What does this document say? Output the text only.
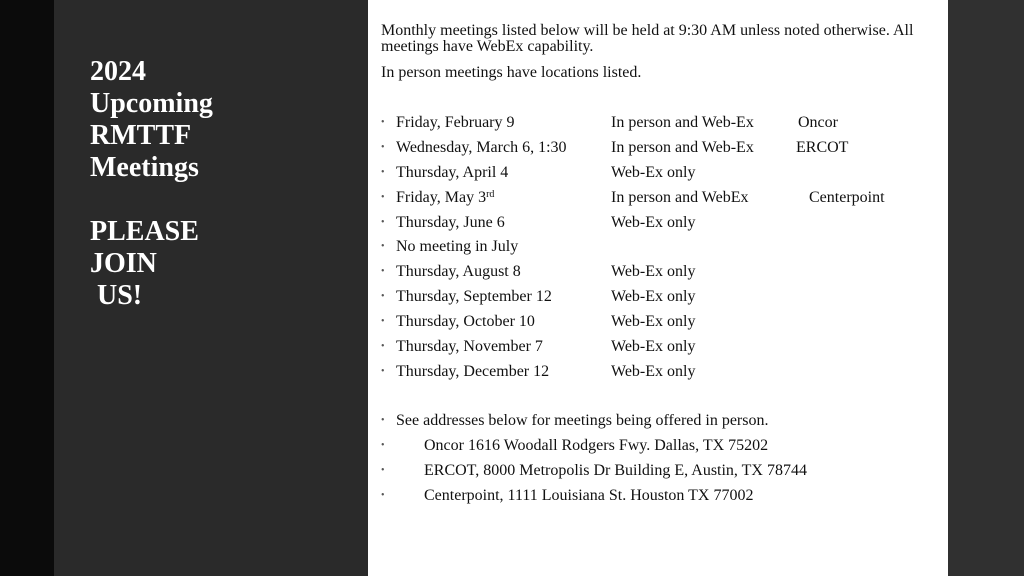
2024
Upcoming
RMTTF
Meetings
PLEASE
JOIN
US!

Monthly meetings listed below will be held at 9:30 AM unless noted otherwise. All meetings have WebEx capability.

In person meetings have locations listed.

• Friday, February 9	In person and Web-Ex	Oncor
• Wednesday, March 6, 1:30	In person and Web-Ex	ERCOT
• Thursday, April 4	Web-Ex only
• Friday, May 3rd	In person and WebEx	Centerpoint
• Thursday, June 6	Web-Ex only
• No meeting in July
• Thursday, August 8	Web-Ex only
• Thursday, September 12	Web-Ex only
• Thursday, October 10	Web-Ex only
• Thursday, November 7	Web-Ex only
• Thursday, December 12	Web-Ex only
• See addresses below for meetings being offered in person.
• Oncor 1616 Woodall Rodgers Fwy. Dallas, TX 75202
• ERCOT, 8000 Metropolis Dr Building E, Austin, TX 78744
• Centerpoint, 1111 Louisiana St. Houston TX 77002
